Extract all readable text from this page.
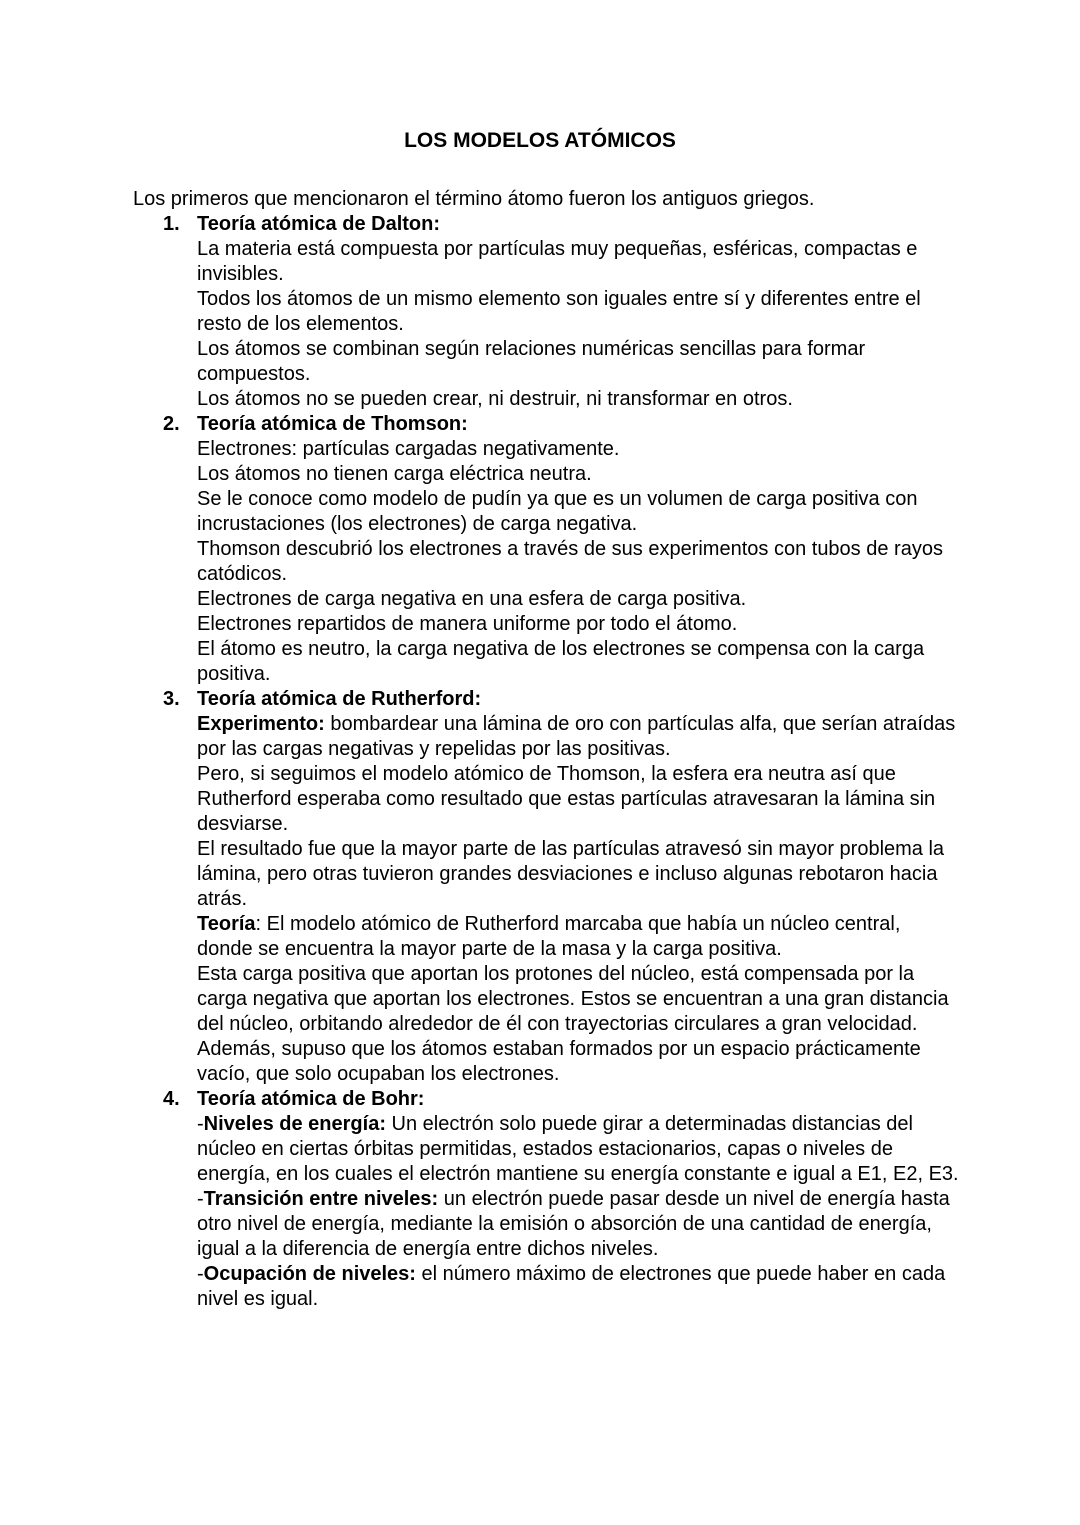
LOS MODELOS ATÓMICOS

Los primeros que mencionaron el término átomo fueron los antiguos griegos.

1. Teoría atómica de Dalton:

La materia está compuesta por partículas muy pequeñas, esféricas, compactas e invisibles.

Todos los átomos de un mismo elemento son iguales entre sí y diferentes entre el resto de los elementos.

Los átomos se combinan según relaciones numéricas sencillas para formar compuestos.

Los átomos no se pueden crear, ni destruir, ni transformar en otros.

2. Teoría atómica de Thomson:

Electrones: partículas cargadas negativamente.

Los átomos no tienen carga eléctrica neutra.

Se le conoce como modelo de pudín ya que es un volumen de carga positiva con incrustaciones (los electrones) de carga negativa.

Thomson descubrió los electrones a través de sus experimentos con tubos de rayos catódicos.

Electrones de carga negativa en una esfera de carga positiva.

Electrones repartidos de manera uniforme por todo el átomo.

El átomo es neutro, la carga negativa de los electrones se compensa con la carga positiva.

3. Teoría atómica de Rutherford:

Experimento: bombardear una lámina de oro con partículas alfa, que serían atraídas por las cargas negativas y repelidas por las positivas.

Pero, si seguimos el modelo atómico de Thomson, la esfera era neutra así que Rutherford esperaba como resultado que estas partículas atravesaran la lámina sin desviarse.

El resultado fue que la mayor parte de las partículas atravesó sin mayor problema la lámina, pero otras tuvieron grandes desviaciones e incluso algunas rebotaron hacia atrás.

Teoría: El modelo atómico de Rutherford marcaba que había un núcleo central, donde se encuentra la mayor parte de la masa y la carga positiva.

Esta carga positiva que aportan los protones del núcleo, está compensada por la carga negativa que aportan los electrones. Estos se encuentran a una gran distancia del núcleo, orbitando alrededor de él con trayectorias circulares a gran velocidad.

Además, supuso que los átomos estaban formados por un espacio prácticamente vacío, que solo ocupaban los electrones.

4. Teoría atómica de Bohr:

-Niveles de energía: Un electrón solo puede girar a determinadas distancias del núcleo en ciertas órbitas permitidas, estados estacionarios, capas o niveles de energía, en los cuales el electrón mantiene su energía constante e igual a E1, E2, E3.

-Transición entre niveles: un electrón puede pasar desde un nivel de energía hasta otro nivel de energía, mediante la emisión o absorción de una cantidad de energía, igual a la diferencia de energía entre dichos niveles.

-Ocupación de niveles: el número máximo de electrones que puede haber en cada nivel es igual.
